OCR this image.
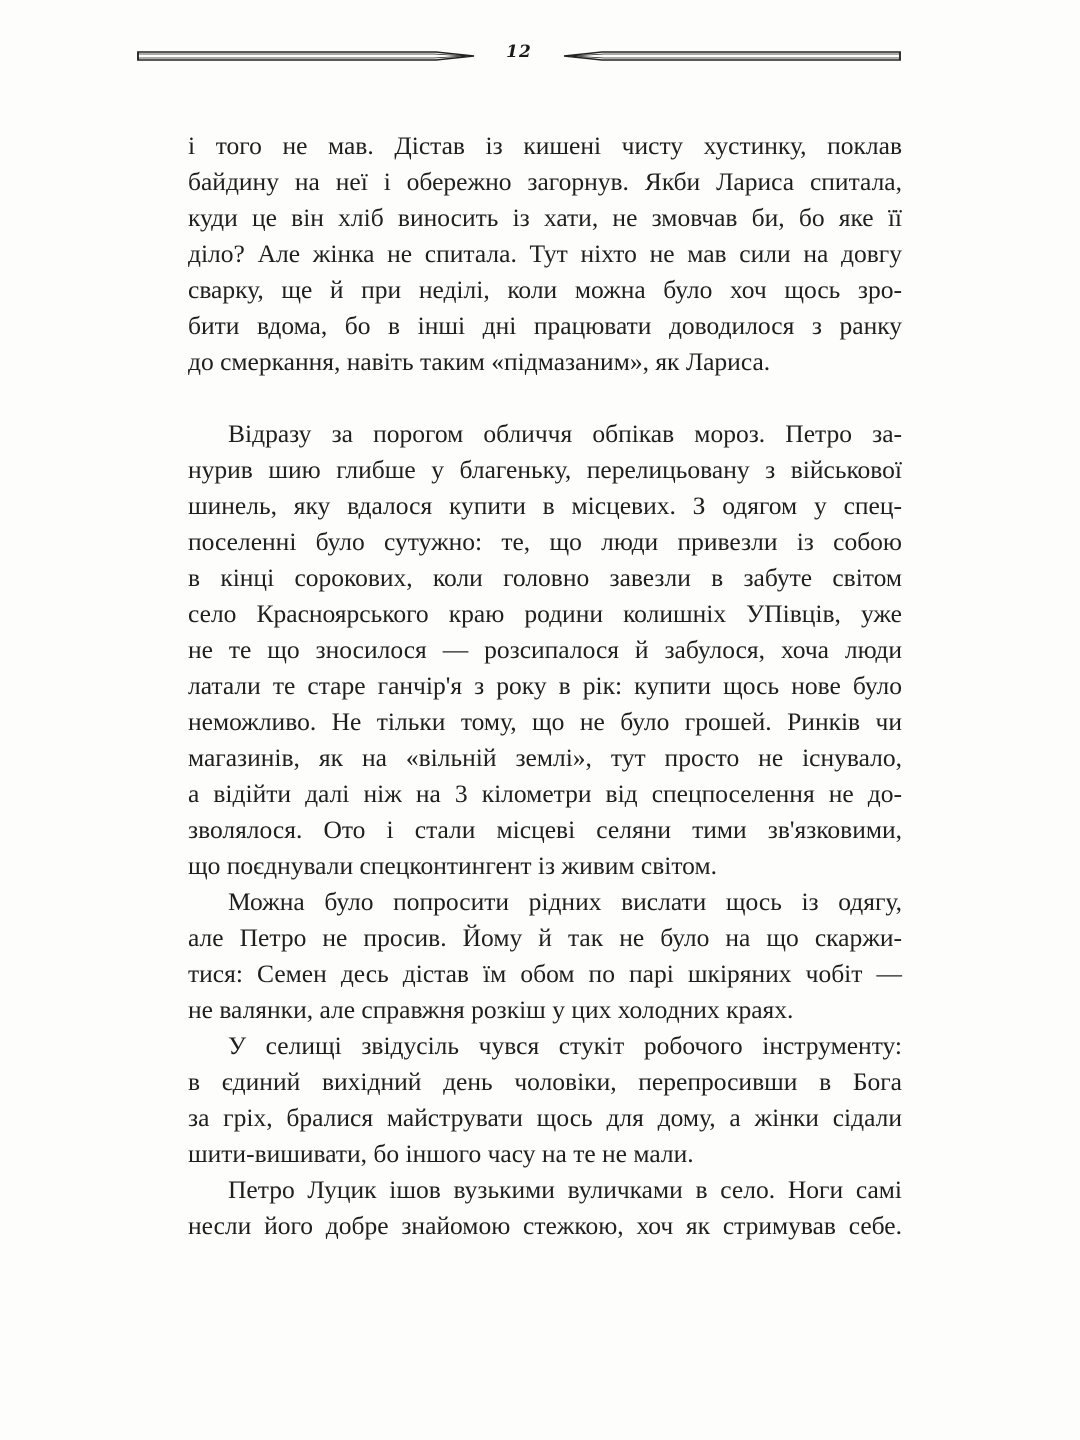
12
і того не мав. Дістав із кишені чисту хустинку, поклав
байдину на неї і обережно загорнув. Якби Лариса спитала,
куди це він хліб виносить із хати, не змовчав би, бо яке її
діло? Але жінка не спитала. Тут ніхто не мав сили на довгу
сварку, ще й при неділі, коли можна було хоч щось зро-
бити вдома, бо в інші дні працювати доводилося з ранку
до смеркання, навіть таким «підмазаним», як Лариса.
Відразу за порогом обличчя обпікав мороз. Петро за-
нурив шию глибше у благеньку, перелицьовану з військової
шинель, яку вдалося купити в місцевих. З одягом у спец-
поселенні було сутужно: те, що люди привезли із собою
в кінці сорокових, коли головно завезли в забуте світом
село Красноярського краю родини колишніх УПівців, уже
не те що зносилося — розсипалося й забулося, хоча люди
латали те старе ганчір'я з року в рік: купити щось нове було
неможливо. Не тільки тому, що не було грошей. Ринків чи
магазинів, як на «вільній землі», тут просто не існувало,
а відійти далі ніж на 3 кілометри від спецпоселення не до-
зволялося. Ото і стали місцеві селяни тими зв'язковими,
що поєднували спецконтингент із живим світом.
Можна було попросити рідних вислати щось із одягу,
але Петро не просив. Йому й так не було на що скаржи-
тися: Семен десь дістав їм обом по парі шкіряних чобіт —
не валянки, але справжня розкіш у цих холодних краях.
У селищі звідусіль чувся стукіт робочого інструменту:
в єдиний вихідний день чоловіки, перепросивши в Бога
за гріх, бралися майструвати щось для дому, а жінки сідали
шити-вишивати, бо іншого часу на те не мали.
Петро Луцик ішов вузькими вуличками в село. Ноги самі
несли його добре знайомою стежкою, хоч як стримував себе.
